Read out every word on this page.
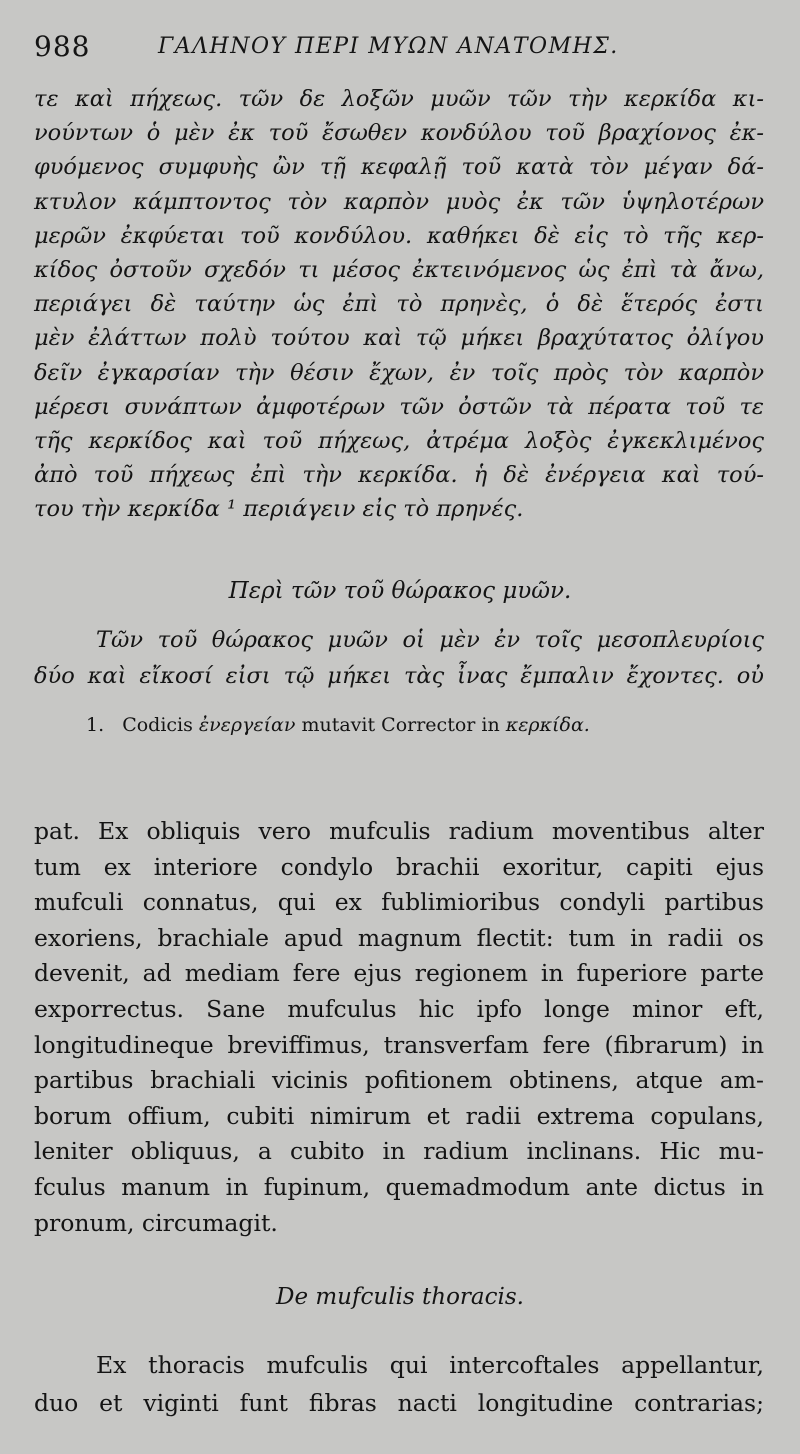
988	ΓΑΛΗΝΟΥ ΠΕΡΙ ΜΥΩΝ ΑΝΑΤΟΜΗΣ.
τε καὶ πήχεως. τῶν δε λοξῶν μυῶν τῶν τὴν κερκίδα κι-
νούντων ὁ μὲν ἐκ τοῦ ἔσωθεν κονδύλου τοῦ βραχίονος ἐκ-
φυόμενος συμφυὴς ὢν τῇ κεφαλῇ τοῦ κατὰ τὸν μέγαν δά-
κτυλον κάμπτοντος τὸν καρπὸν μυὸς ἐκ τῶν ὑψηλοτέρων
μερῶν ἐκφύεται τοῦ κονδύλου. καθήκει δὲ εἰς τὸ τῆς κερ-
κίδος ὀστοῦν σχεδόν τι μέσος ἐκτεινόμενος ὡς ἐπὶ τὰ ἄνω,
περιάγει δὲ ταύτην ὡς ἐπὶ τὸ πρηνὲς, ὁ δὲ ἕτερός ἐστι
μὲν ἐλάττων πολὺ τούτου καὶ τῷ μήκει βραχύτατος ὀλίγου
δεῖν ἐγκαρσίαν τὴν θέσιν ἔχων, ἐν τοῖς πρὸς τὸν καρπὸν
μέρεσι συνάπτων ἀμφοτέρων τῶν ὀστῶν τὰ πέρατα τοῦ τε
τῆς κερκίδος καὶ τοῦ πήχεως, ἀτρέμα λοξὸς ἐγκεκλιμένος
ἀπὸ τοῦ πήχεως ἐπὶ τὴν κερκίδα. ἡ δὲ ἐνέργεια καὶ τού-
του τὴν κερκίδα ¹ περιάγειν εἰς τὸ πρηνές.
Περὶ τῶν τοῦ θώρακος μυῶν.
Τῶν τοῦ θώρακος μυῶν οἱ μὲν ἐν τοῖς μεσοπλευρίοις
δύο καὶ εἴκοσί εἰσι τῷ μήκει τὰς ἶνας ἔμπαλιν ἔχοντες. οὐ
1. Codicis ἐνεργείαν mutavit Corrector in κερκίδα.
pat. Ex obliquis vero mufculis radium moventibus alter
tum ex interiore condylo brachii exoritur, capiti ejus
mufculi connatus, qui ex fublimioribus condyli partibus
exoriens, brachiale apud magnum flectit: tum in radii os
devenit, ad mediam fere ejus regionem in fuperiore parte
exporrectus. Sane mufculus hic ipfo longe minor eft,
longitudineque breviffimus, transverfam fere (fibrarum) in
partibus brachiali vicinis pofitionem obtinens, atque am-
borum offium, cubiti nimirum et radii extrema copulans,
leniter obliquus, a cubito in radium inclinans. Hic mu-
fculus manum in fupinum, quemadmodum ante dictus in
pronum, circumagit.
De mufculis thoracis.
Ex thoracis mufculis qui intercoftales appellantur,
duo et viginti funt fibras nacti longitudine contrarias;
